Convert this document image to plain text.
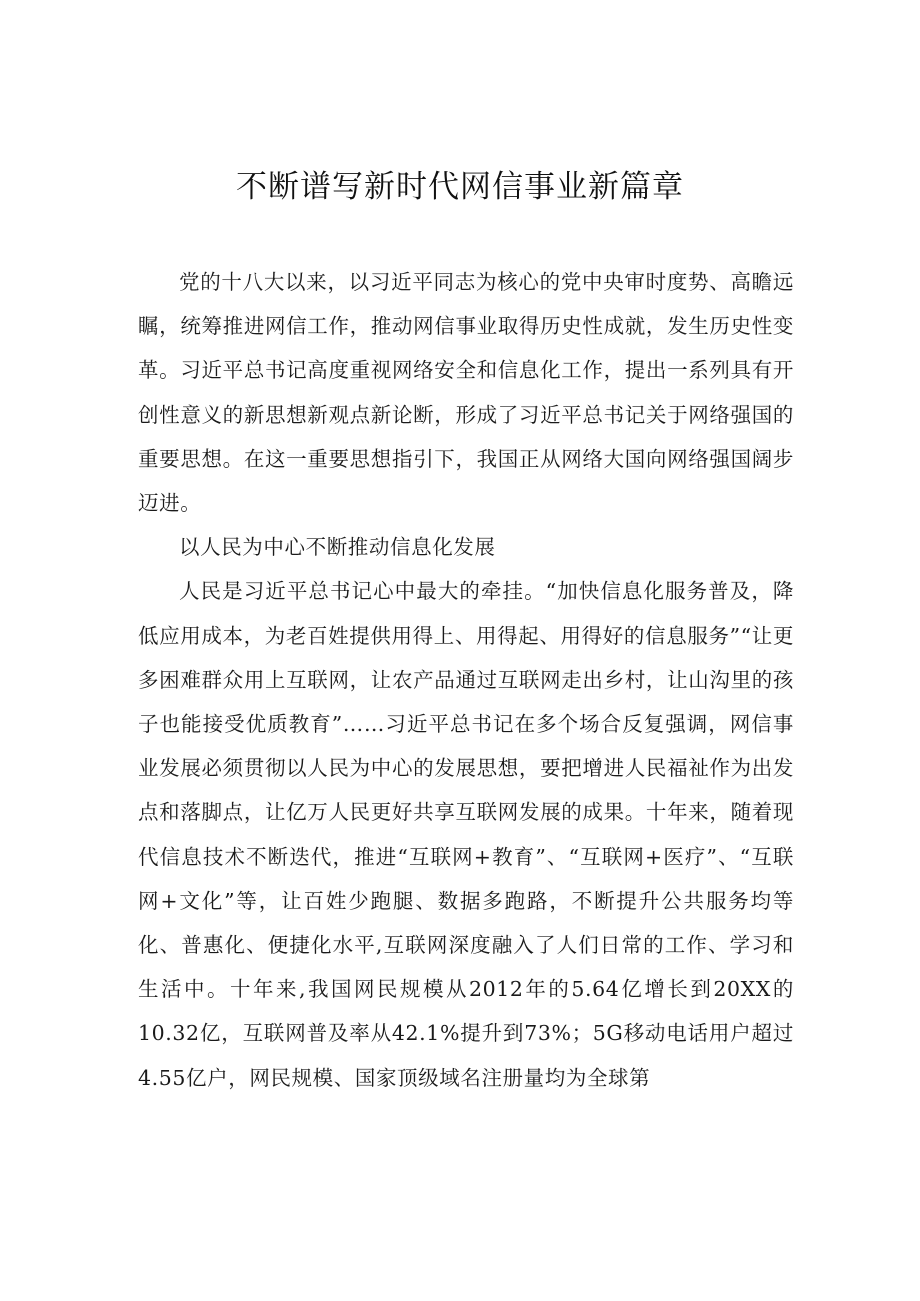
不断谱写新时代网信事业新篇章

党的十八大以来，以习近平同志为核心的党中央审时度势、高瞻远瞩，统筹推进网信工作，推动网信事业取得历史性成就，发生历史性变革。习近平总书记高度重视网络安全和信息化工作，提出一系列具有开创性意义的新思想新观点新论断，形成了习近平总书记关于网络强国的重要思想。在这一重要思想指引下，我国正从网络大国向网络强国阔步迈进。

以人民为中心不断推动信息化发展

人民是习近平总书记心中最大的牵挂。“加快信息化服务普及，降低应用成本，为老百姓提供用得上、用得起、用得好的信息服务”“让更多困难群众用上互联网，让农产品通过互联网走出乡村，让山沟里的孩子也能接受优质教育”……习近平总书记在多个场合反复强调，网信事业发展必须贯彻以人民为中心的发展思想，要把增进人民福祉作为出发点和落脚点，让亿万人民更好共享互联网发展的成果。十年来，随着现代信息技术不断迭代，推进“互联网+教育”、“互联网+医疗”、“互联网+文化”等，让百姓少跑腿、数据多跑路，不断提升公共服务均等化、普惠化、便捷化水平,互联网深度融入了人们日常的工作、学习和生活中。十年来,我国网民规模从2012年的5.64亿增长到20XX的10.32亿，互联网普及率从42.1%提升到73%；5G移动电话用户超过4.55亿户，网民规模、国家顶级域名注册量均为全球第
